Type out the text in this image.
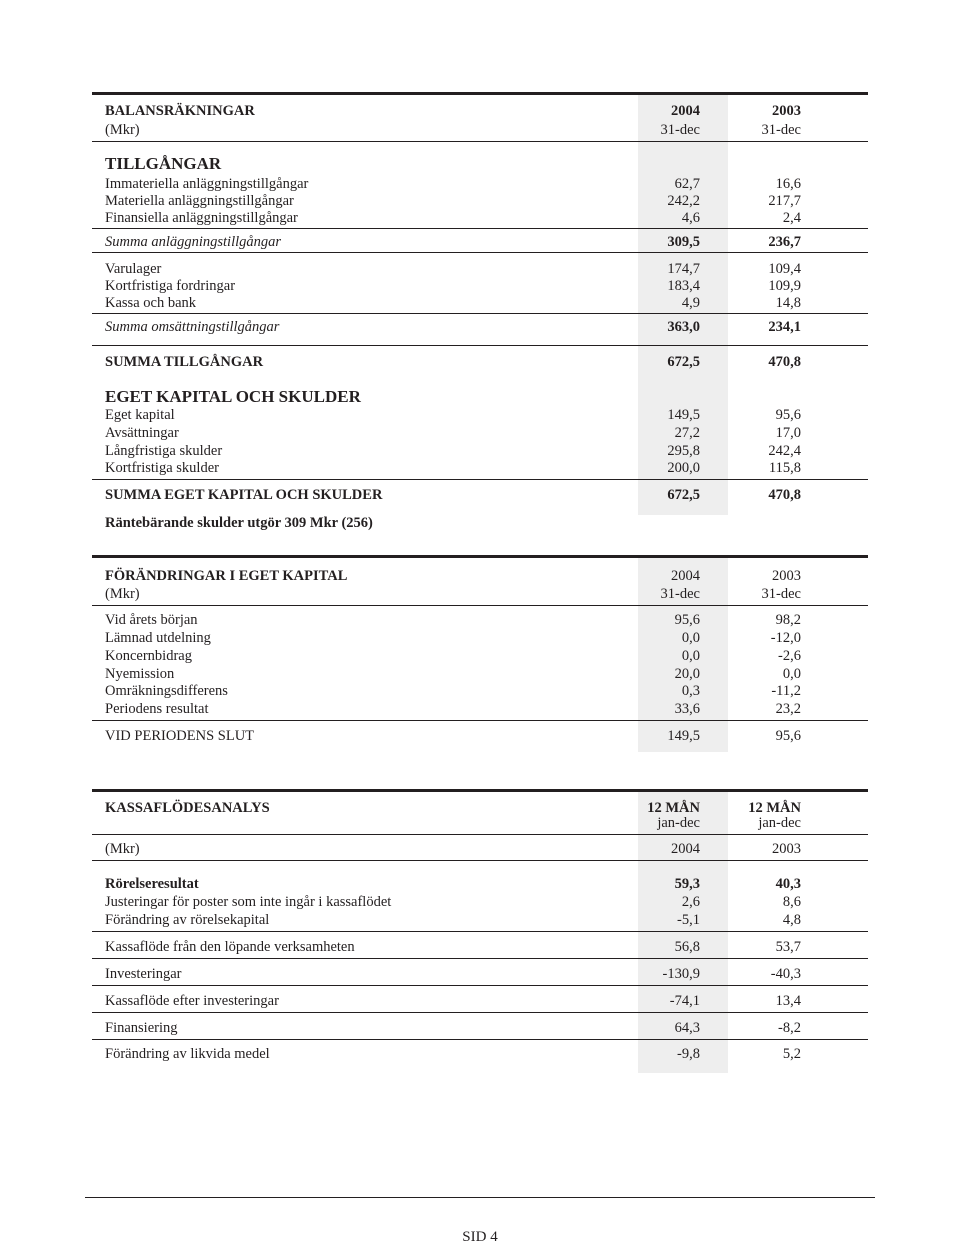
BALANSRÄKNINGAR	2004	2003
(Mkr)	31-dec	31-dec
TILLGÅNGAR
Immateriella anläggningstillgångar	62,7	16,6
Materiella anläggningstillgångar	242,2	217,7
Finansiella anläggningstillgångar	4,6	2,4
Summa anläggningstillgångar	309,5	236,7
Varulager	174,7	109,4
Kortfristiga fordringar	183,4	109,9
Kassa och bank	4,9	14,8
Summa omsättningstillgångar	363,0	234,1
SUMMA TILLGÅNGAR	672,5	470,8
EGET KAPITAL OCH SKULDER
Eget kapital	149,5	95,6
Avsättningar	27,2	17,0
Långfristiga skulder	295,8	242,4
Kortfristiga skulder	200,0	115,8
SUMMA EGET KAPITAL OCH SKULDER	672,5	470,8
Räntebärande skulder utgör 309 Mkr (256)
FÖRÄNDRINGAR I EGET KAPITAL	2004	2003
(Mkr)	31-dec	31-dec
Vid årets början	95,6	98,2
Lämnad utdelning	0,0	-12,0
Koncernbidrag	0,0	-2,6
Nyemission	20,0	0,0
Omräkningsdifferens	0,3	-11,2
Periodens resultat	33,6	23,2
VID PERIODENS SLUT	149,5	95,6
KASSAFLÖDESANALYS	12 MÅN	12 MÅN
jan-dec	jan-dec
(Mkr)	2004	2003
Rörelseresultat	59,3	40,3
Justeringar för poster som inte ingår i kassaflödet	2,6	8,6
Förändring av rörelsekapital	-5,1	4,8
Kassaflöde från den löpande verksamheten	56,8	53,7
Investeringar	-130,9	-40,3
Kassaflöde efter investeringar	-74,1	13,4
Finansiering	64,3	-8,2
Förändring av likvida medel	-9,8	5,2
SID 4
